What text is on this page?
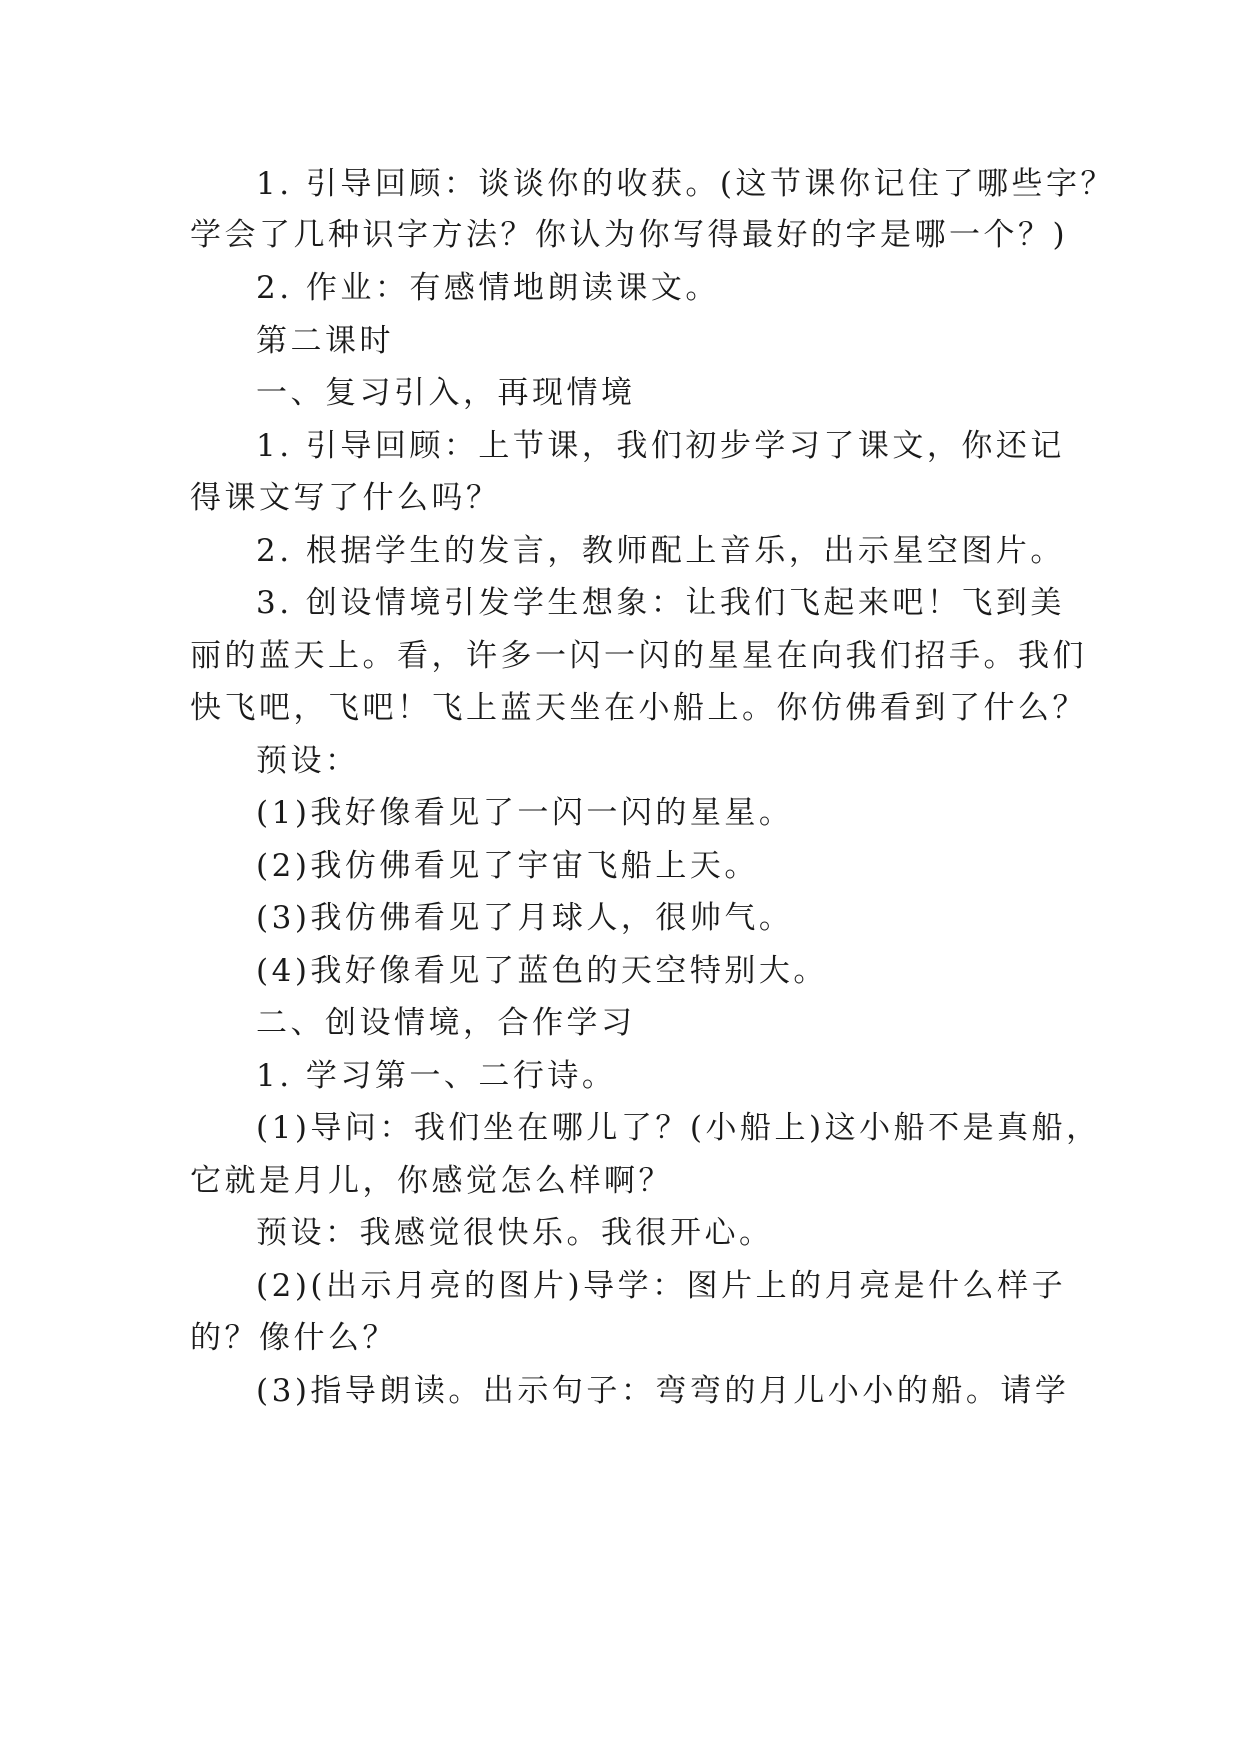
1. 引导回顾：谈谈你的收获。(这节课你记住了哪些字？
学会了几种识字方法？你认为你写得最好的字是哪一个？)
2. 作业：有感情地朗读课文。
第二课时
一、复习引入，再现情境
1. 引导回顾：上节课，我们初步学习了课文，你还记
得课文写了什么吗？
2. 根据学生的发言，教师配上音乐，出示星空图片。
3. 创设情境引发学生想象：让我们飞起来吧！飞到美
丽的蓝天上。看，许多一闪一闪的星星在向我们招手。我们
快飞吧，飞吧！飞上蓝天坐在小船上。你仿佛看到了什么？
预设：
(1)我好像看见了一闪一闪的星星。
(2)我仿佛看见了宇宙飞船上天。
(3)我仿佛看见了月球人，很帅气。
(4)我好像看见了蓝色的天空特别大。
二、创设情境，合作学习
1. 学习第一、二行诗。
(1)导问：我们坐在哪儿了？(小船上)这小船不是真船，
它就是月儿，你感觉怎么样啊？
预设：我感觉很快乐。我很开心。
(2)(出示月亮的图片)导学：图片上的月亮是什么样子
的？像什么？
(3)指导朗读。出示句子：弯弯的月儿小小的船。请学
